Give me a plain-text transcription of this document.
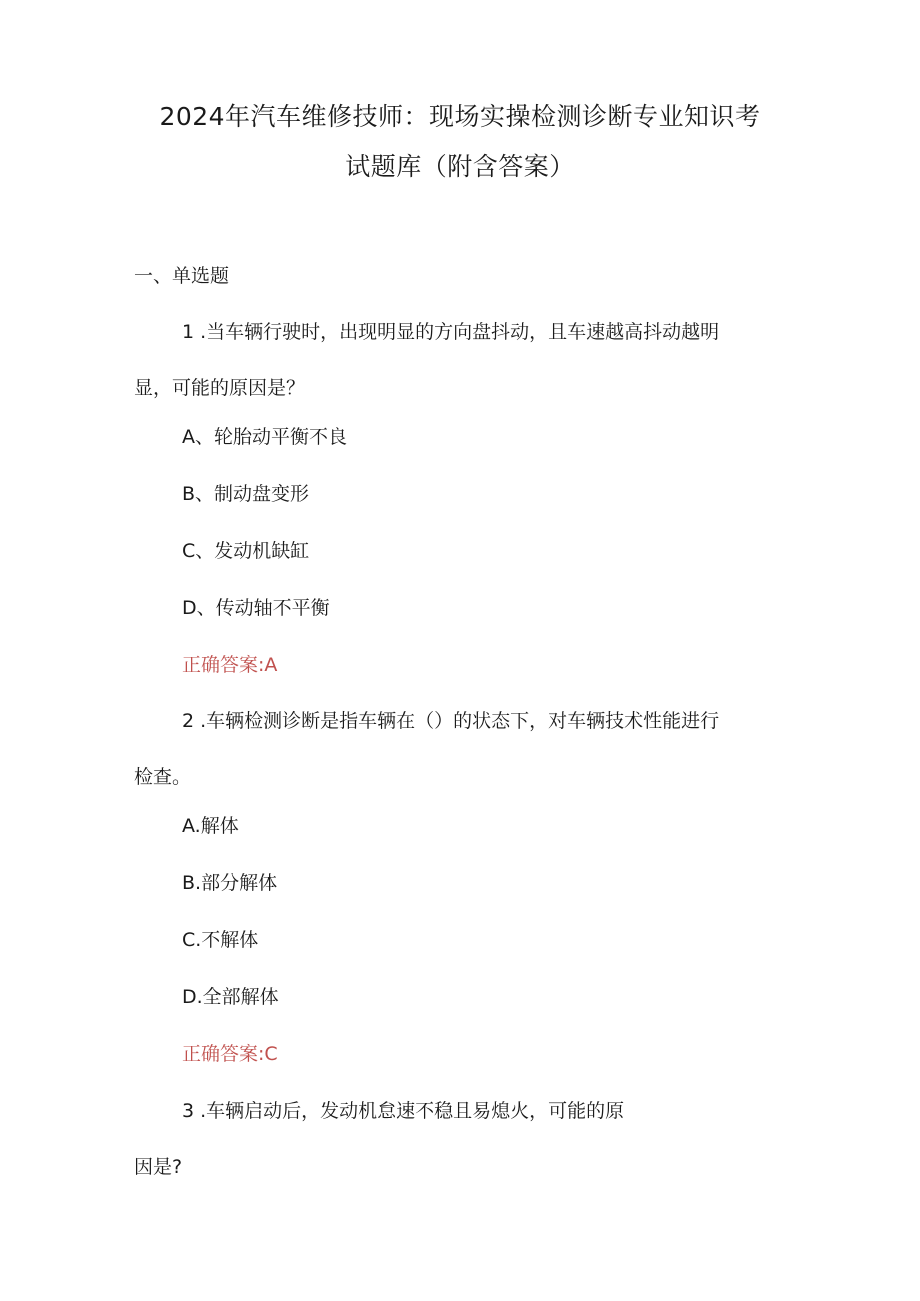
2024年汽车维修技师：现场实操检测诊断专业知识考
试题库（附含答案）
一、单选题
1 .当车辆行驶时，出现明显的方向盘抖动，且车速越高抖动越明
显，可能的原因是？
A、轮胎动平衡不良
B、制动盘变形
C、发动机缺缸
D、传动轴不平衡
正确答案:A
2 .车辆检测诊断是指车辆在（）的状态下，对车辆技术性能进行
检查。
A.解体
B.部分解体
C.不解体
D.全部解体
正确答案:C
3 .车辆启动后，发动机怠速不稳且易熄火，可能的原
因是?
